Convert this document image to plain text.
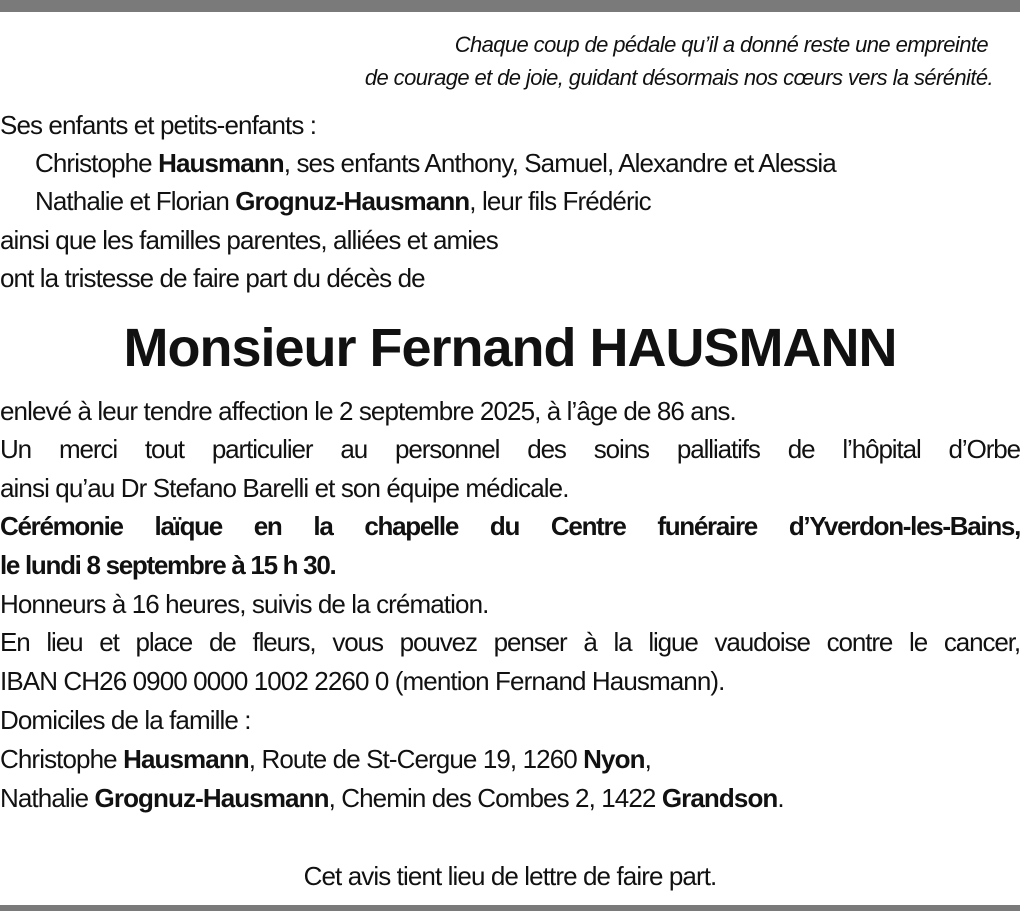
Chaque coup de pédale qu’il a donné reste une empreinte
de courage et de joie, guidant désormais nos cœurs vers la sérénité.
Ses enfants et petits-enfants :
Christophe Hausmann, ses enfants Anthony, Samuel, Alexandre et Alessia
Nathalie et Florian Grognuz-Hausmann, leur fils Frédéric
ainsi que les familles parentes, alliées et amies
ont la tristesse de faire part du décès de
Monsieur Fernand HAUSMANN
enlevé à leur tendre affection le 2 septembre 2025, à l’âge de 86 ans.
Un merci tout particulier au personnel des soins palliatifs de l’hôpital d’Orbe
ainsi qu’au Dr Stefano Barelli et son équipe médicale.
Cérémonie laïque en la chapelle du Centre funéraire d’Yverdon-les-Bains,
le lundi 8 septembre à 15 h 30.
Honneurs à 16 heures, suivis de la crémation.
En lieu et place de fleurs, vous pouvez penser à la ligue vaudoise contre le cancer,
IBAN CH26 0900 0000 1002 2260 0 (mention Fernand Hausmann).
Domiciles de la famille :
Christophe Hausmann, Route de St-Cergue 19, 1260 Nyon,
Nathalie Grognuz-Hausmann, Chemin des Combes 2, 1422 Grandson.
Cet avis tient lieu de lettre de faire part.
